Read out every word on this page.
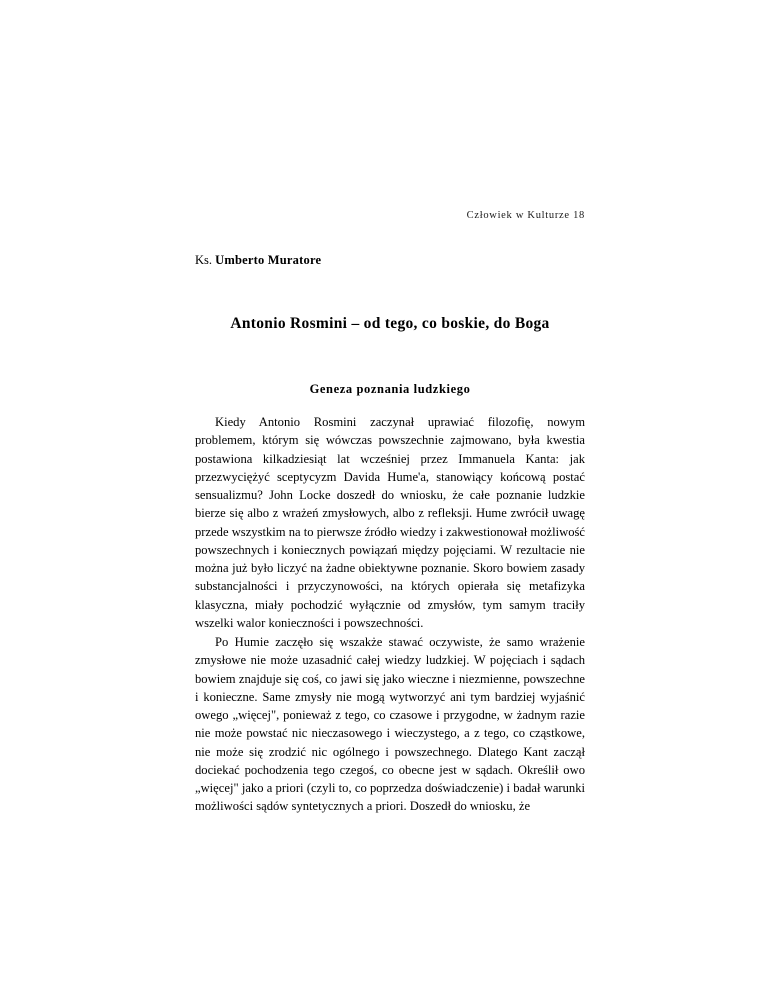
Człowiek w Kulturze 18
Ks. Umberto Muratore
Antonio Rosmini – od tego, co boskie, do Boga
Geneza poznania ludzkiego

Kiedy Antonio Rosmini zaczynał uprawiać filozofię, nowym problemem, którym się wówczas powszechnie zajmowano, była kwestia postawiona kilkadziesiąt lat wcześniej przez Immanuela Kanta: jak przezwyciężyć sceptycyzm Davida Hume'a, stanowiący końcową postać sensualizmu? John Locke doszedł do wniosku, że całe poznanie ludzkie bierze się albo z wrażeń zmysłowych, albo z refleksji. Hume zwrócił uwagę przede wszystkim na to pierwsze źródło wiedzy i zakwestionował możliwość powszechnych i koniecznych powiązań między pojęciami. W rezultacie nie można już było liczyć na żadne obiektywne poznanie. Skoro bowiem zasady substancjalności i przyczynowości, na których opierała się metafizyka klasyczna, miały pochodzić wyłącznie od zmysłów, tym samym traciły wszelki walor konieczności i powszechności.

Po Humie zaczęło się wszakże stawać oczywiste, że samo wrażenie zmysłowe nie może uzasadnić całej wiedzy ludzkiej. W pojęciach i sądach bowiem znajduje się coś, co jawi się jako wieczne i niezmienne, powszechne i konieczne. Same zmysły nie mogą wytworzyć ani tym bardziej wyjaśnić owego „więcej", ponieważ z tego, co czasowe i przygodne, w żadnym razie nie może powstać nic nieczasowego i wieczystego, a z tego, co cząstkowe, nie może się zrodzić nic ogólnego i powszechnego. Dlatego Kant zaczął dociekać pochodzenia tego czegoś, co obecne jest w sądach. Określił owo „więcej" jako a priori (czyli to, co poprzedza doświadczenie) i badał warunki możliwości sądów syntetycznych a priori. Doszedł do wniosku, że
